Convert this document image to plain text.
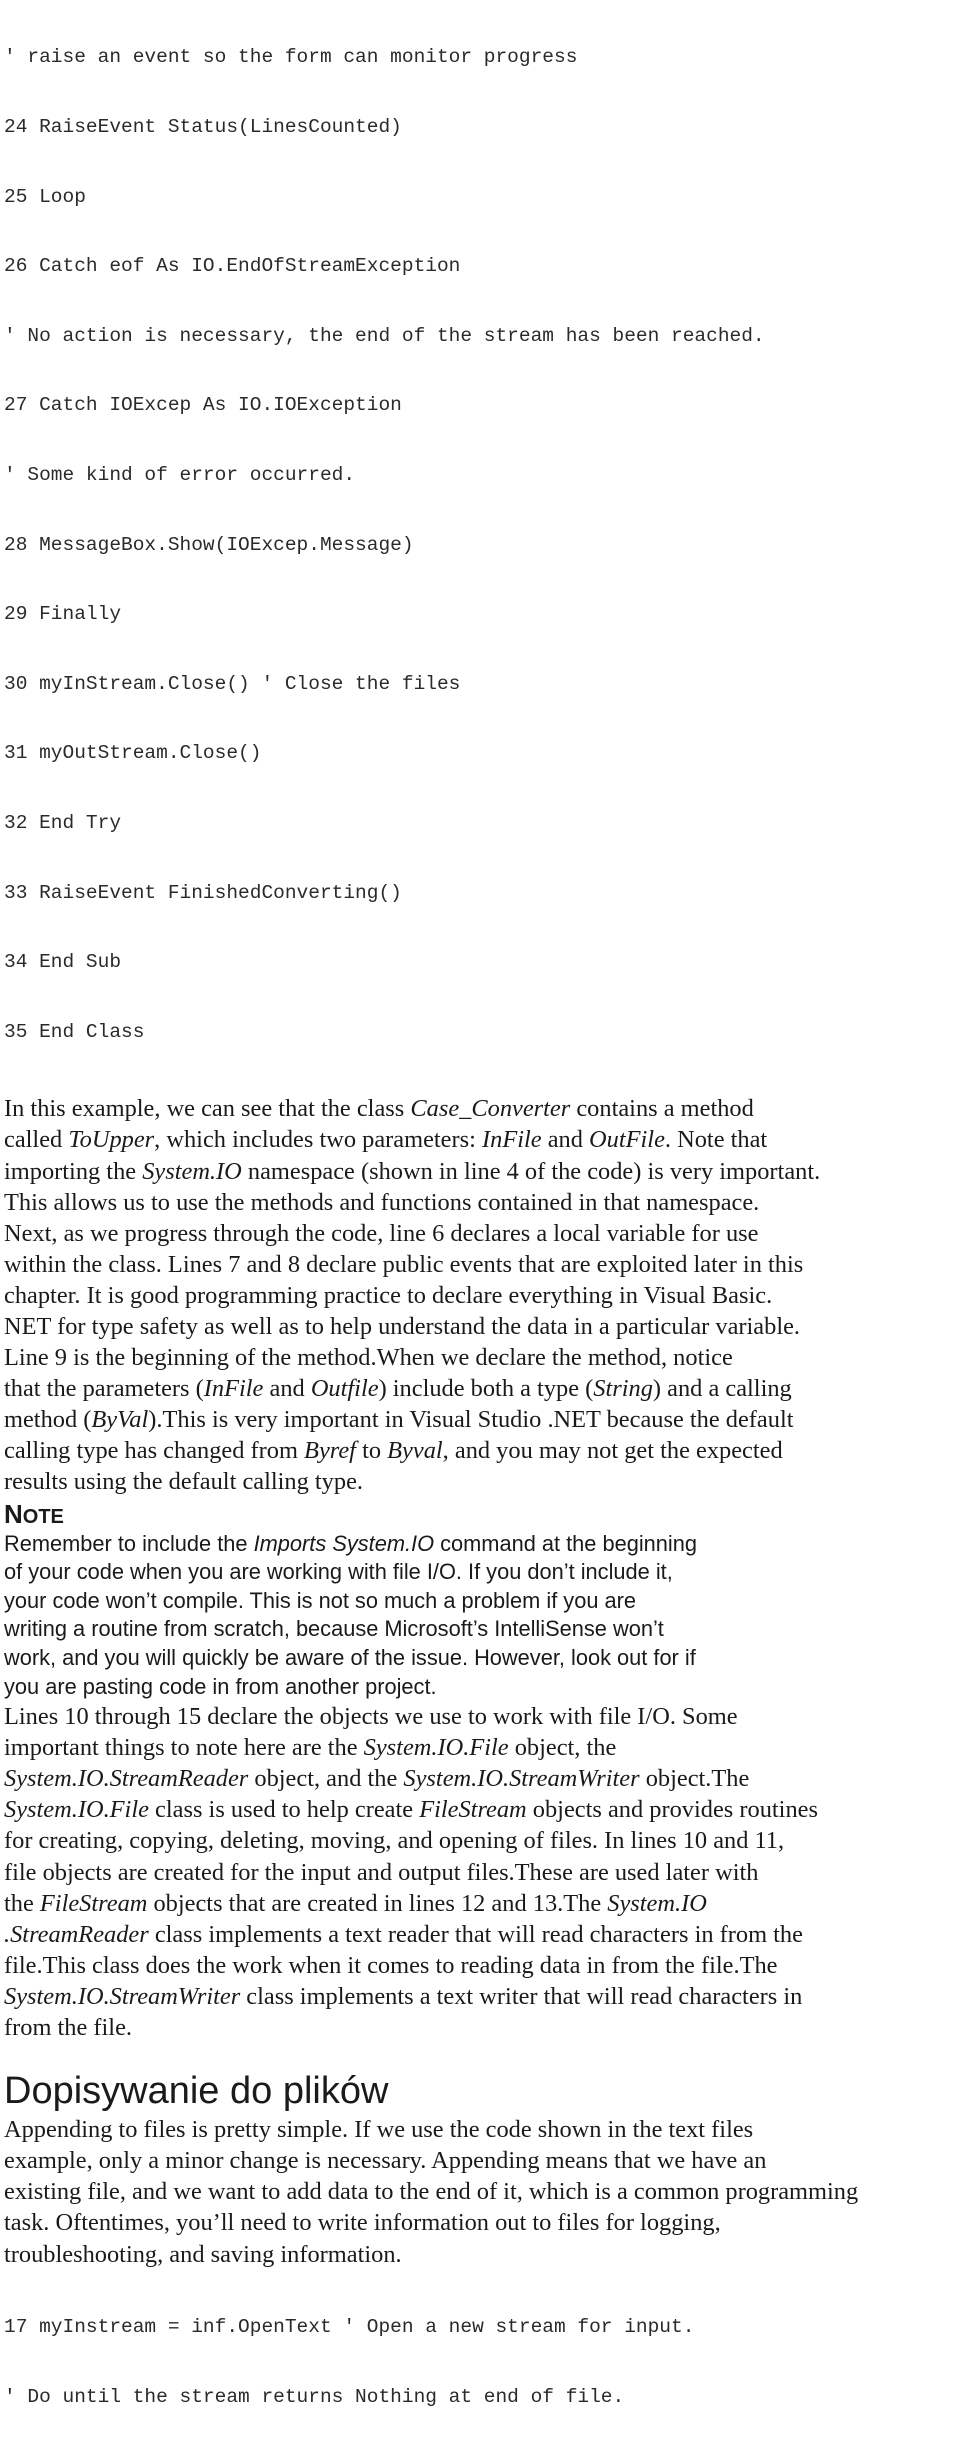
' raise an event so the form can monitor progress

24 RaiseEvent Status(LinesCounted)

25 Loop

26 Catch eof As IO.EndOfStreamException

' No action is necessary, the end of the stream has been reached.

27 Catch IOExcep As IO.IOException

' Some kind of error occurred.

28 MessageBox.Show(IOExcep.Message)

29 Finally

30 myInStream.Close() ' Close the files

31 myOutStream.Close()

32 End Try

33 RaiseEvent FinishedConverting()

34 End Sub

35 End Class

In this example, we can see that the class Case_Converter contains a method
called ToUpper, which includes two parameters: InFile and OutFile. Note that
importing the System.IO namespace (shown in line 4 of the code) is very important.
This allows us to use the methods and functions contained in that namespace.
Next, as we progress through the code, line 6 declares a local variable for use
within the class. Lines 7 and 8 declare public events that are exploited later in this
chapter. It is good programming practice to declare everything in Visual Basic.
NET for type safety as well as to help understand the data in a particular variable.
Line 9 is the beginning of the method.When we declare the method, notice
that the parameters (InFile and Outfile) include both a type (String) and a calling
method (ByVal).This is very important in Visual Studio .NET because the default
calling type has changed from Byref to Byval, and you may not get the expected
results using the default calling type.
NOTE
Remember to include the Imports System.IO command at the beginning
of your code when you are working with file I/O. If you don’t include it,
your code won’t compile. This is not so much a problem if you are
writing a routine from scratch, because Microsoft’s IntelliSense won’t
work, and you will quickly be aware of the issue. However, look out for if
you are pasting code in from another project.
Lines 10 through 15 declare the objects we use to work with file I/O. Some
important things to note here are the System.IO.File object, the
System.IO.StreamReader object, and the System.IO.StreamWriter object.The
System.IO.File class is used to help create FileStream objects and provides routines
for creating, copying, deleting, moving, and opening of files. In lines 10 and 11,
file objects are created for the input and output files.These are used later with
the FileStream objects that are created in lines 12 and 13.The System.IO
.StreamReader class implements a text reader that will read characters in from the
file.This class does the work when it comes to reading data in from the file.The
System.IO.StreamWriter class implements a text writer that will read characters in
from the file.
Dopisywanie do plików
Appending to files is pretty simple. If we use the code shown in the text files
example, only a minor change is necessary. Appending means that we have an
existing file, and we want to add data to the end of it, which is a common programming
task. Oftentimes, you’ll need to write information out to files for logging,
troubleshooting, and saving information.

17 myInstream = inf.OpenText ' Open a new stream for input.

' Do until the stream returns Nothing at end of file.
